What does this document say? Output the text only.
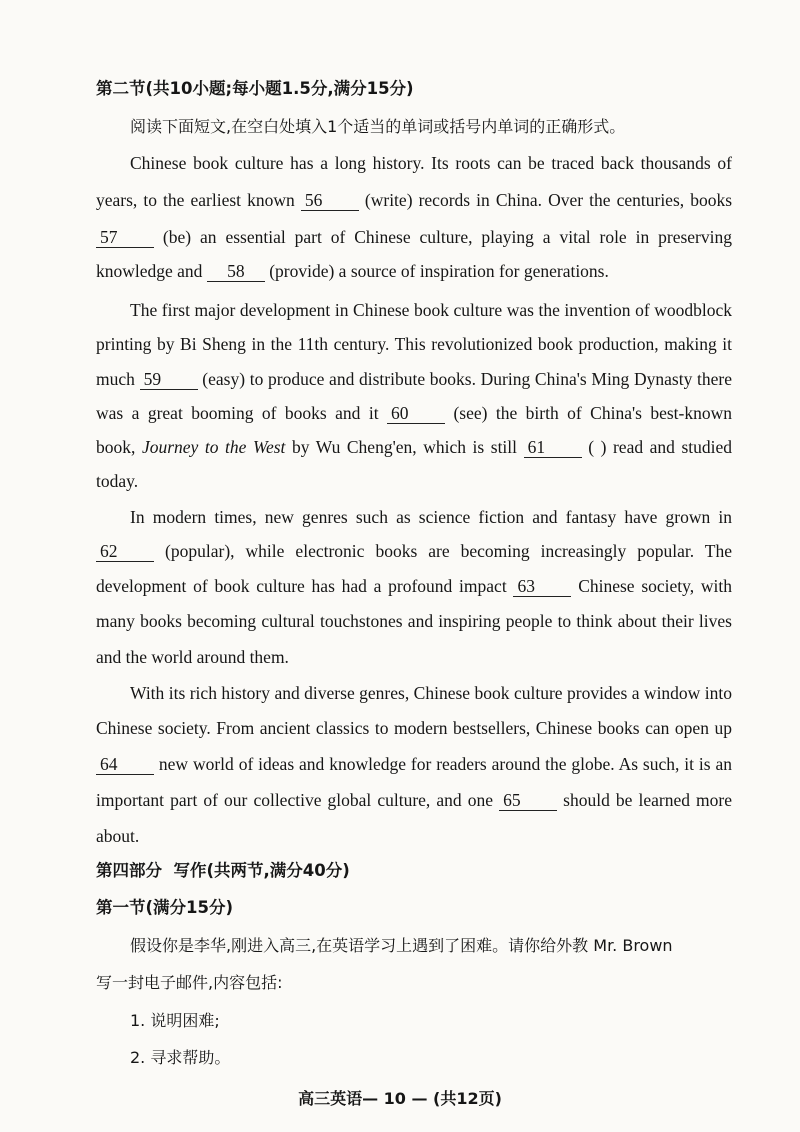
第二节(共10小题;每小题1.5分,满分15分)
阅读下面短文,在空白处填入1个适当的单词或括号内单词的正确形式。
Chinese book culture has a long history. Its roots can be traced back thousands of
years, to the earliest known 56 (write) records in China. Over the centuries, books
57	(be) an essential part of Chinese culture, playing a vital role in preserving
knowledge and 58 (provide) a source of inspiration for generations.
The first major development in Chinese book culture was the invention of woodblock
printing by Bi Sheng in the 11th century. This revolutionized book production, making it
much 59 (easy) to produce and distribute books. During China's Ming Dynasty there
was a great booming of books and it 60	(see) the birth of China's best-known
book, Journey to the West by Wu Cheng'en, which is still 61 ( ) read and studied
today.
In modern times, new genres such as science fiction and fantasy have grown in
62	(popular), while electronic books are becoming increasingly popular. The
development of book culture has had a profound impact 63 Chinese society, with
many books becoming cultural touchstones and inspiring people to think about their lives
and the world around them.
With its rich history and diverse genres, Chinese book culture provides a window into
Chinese society. From ancient classics to modern bestsellers, Chinese books can open up
64 new world of ideas and knowledge for readers around the globe. As such, it is an
important part of our collective global culture, and one 65 should be learned more
about.
第四部分  写作(共两节,满分40分)
第一节(满分15分)
假设你是李华,刚进入高三,在英语学习上遇到了困难。请你给外教 Mr. Brown
写一封电子邮件,内容包括:
1. 说明困难;
2. 寻求帮助。
高三英语— 10 — (共12页)
